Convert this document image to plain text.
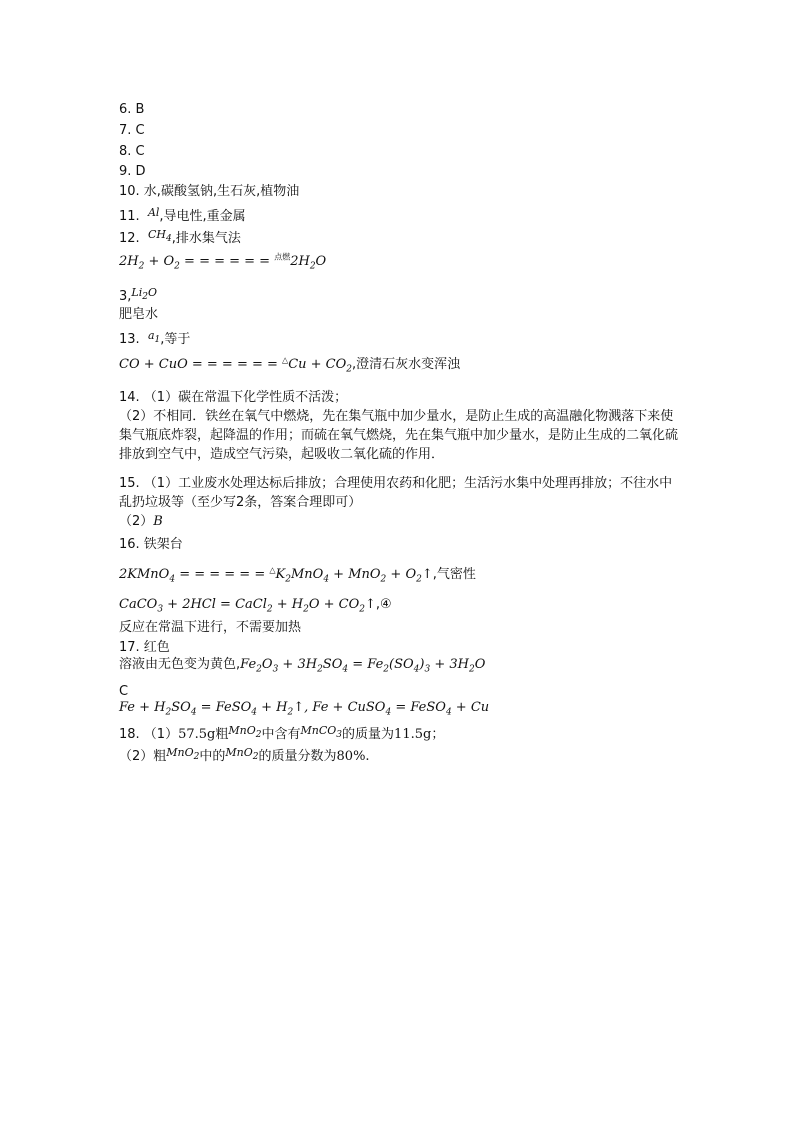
6. B
7. C
8. C
9. D
10. 水,碳酸氢钠,生石灰,植物油
11. $^{Al}$,导电性,重金属
12. $^{CH_4}$,排水集气法
$2H_2 + O_2$ = = = = = = $^{点燃}2H_2O$
3,$^{Li_2O}$
肥皂水
13. $^{a_1}$,等于
CO + CuO = = = = = = $^\triangle Cu + CO_2$,澄清石灰水变浑浊
14. （1）碳在常温下化学性质不活泼；
（2）不相同．铁丝在氧气中燃烧，先在集气瓶中加少量水，是防止生成的高温融化物溅落下来使集气瓶底炸裂，起降温的作用；而硫在氧气燃烧，先在集气瓶中加少量水，是防止生成的二氧化硫排放到空气中，造成空气污染，起吸收二氧化硫的作用．
15. （1）工业废水处理达标后排放；合理使用农药和化肥；生活污水集中处理再排放；不往水中乱扔垃圾等（至少写2条，答案合理即可）
（2）B
16. 铁架台
2KMnO$_4$ = = = = = = $^\triangle K_2MnO_4 + MnO_2$ + $O_2↑$,气密性
CaCO$_3$ + 2HCl = CaCl$_2$ + $H_2O$ + $CO_2↑,④$
反应在常温下进行，不需要加热
17. 红色
溶液由无色变为黄色$,Fe_2O_3 + 3H_2SO_4 = Fe_2(SO_4)_3 + 3H_2O$
C
$Fe + H_2SO_4$ = FeSO$_4$ + $H_2↑$, Fe + CuSO$_4$ = FeSO$_4$ + Cu
18. （1）57.5g粗$^{MnO_2}$中含有$^{MnCO_3}$的质量为11.5g；
（2）粗$^{MnO_2}$中的$^{MnO_2}$的质量分数为80%.
